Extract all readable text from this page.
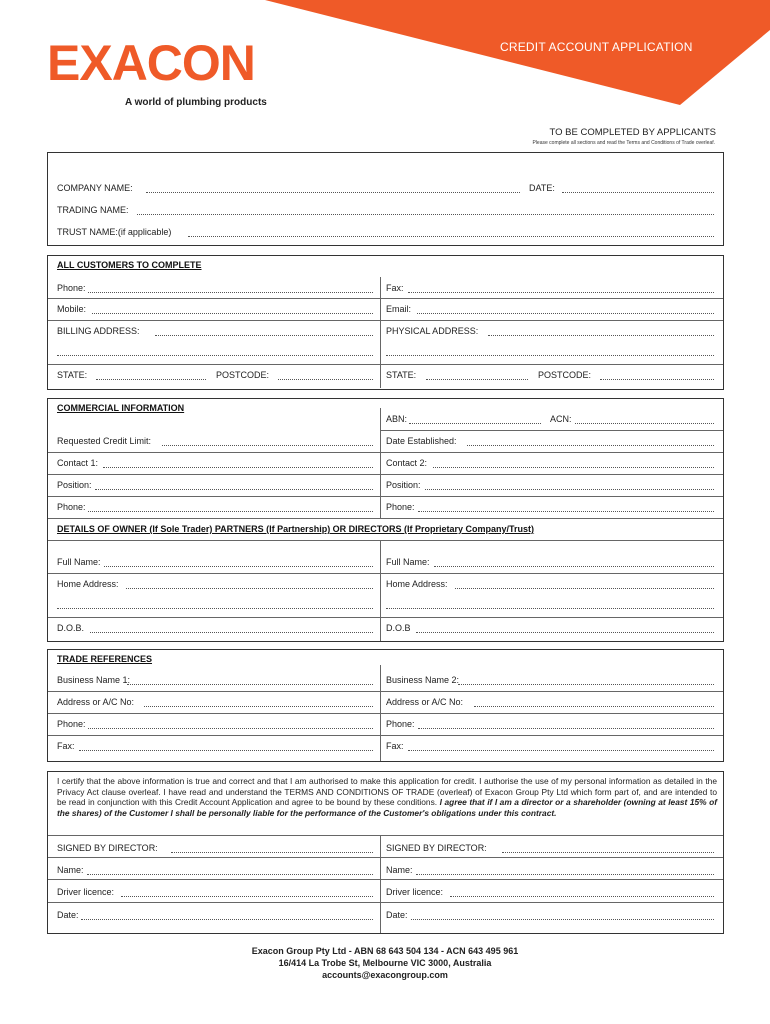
EXACON
A world of plumbing products
CREDIT ACCOUNT APPLICATION
TO BE COMPLETED BY APPLICANTS
Please complete all sections and read the Terms and Conditions of Trade overleaf.
COMPANY NAME:	DATE:
TRADING NAME:
TRUST NAME:(if applicable)
ALL CUSTOMERS TO COMPLETE
Phone:	Fax:
Mobile:	Email:
BILLING ADDRESS:	PHYSICAL ADDRESS:
STATE:	POSTCODE:	STATE:	POSTCODE:
COMMERCIAL INFORMATION
ABN:	ACN:
Requested Credit Limit:	Date Established:
Contact 1:	Contact 2:
Position:	Position:
Phone:	Phone:
DETAILS OF OWNER (If Sole Trader) PARTNERS (If Partnership) OR DIRECTORS (If Proprietary Company/Trust)
Full Name:	Full Name:
Home Address:	Home Address:
D.O.B.	D.O.B
TRADE REFERENCES
Business Name 1:	Business Name 2:
Address or A/C No:	Address or A/C No:
Phone:	Phone:
Fax:	Fax:
I certify that the above information is true and correct and that I am authorised to make this application for credit. I authorise the use of my personal information as detailed in the Privacy Act clause overleaf. I have read and understand the TERMS AND CONDITIONS OF TRADE (overleaf) of Exacon Group Pty Ltd which form part of, and are intended to be read in conjunction with this Credit Account Application and agree to be bound by these conditions. I agree that if I am a director or a shareholder (owning at least 15% of the shares) of the Customer I shall be personally liable for the performance of the Customer's obligations under this contract.
SIGNED BY DIRECTOR:	SIGNED BY DIRECTOR:
Name:	Name:
Driver licence:	Driver licence:
Date:	Date:
Exacon Group Pty Ltd - ABN 68 643 504 134 - ACN 643 495 961
16/414 La Trobe St, Melbourne VIC 3000, Australia
accounts@exacongroup.com
